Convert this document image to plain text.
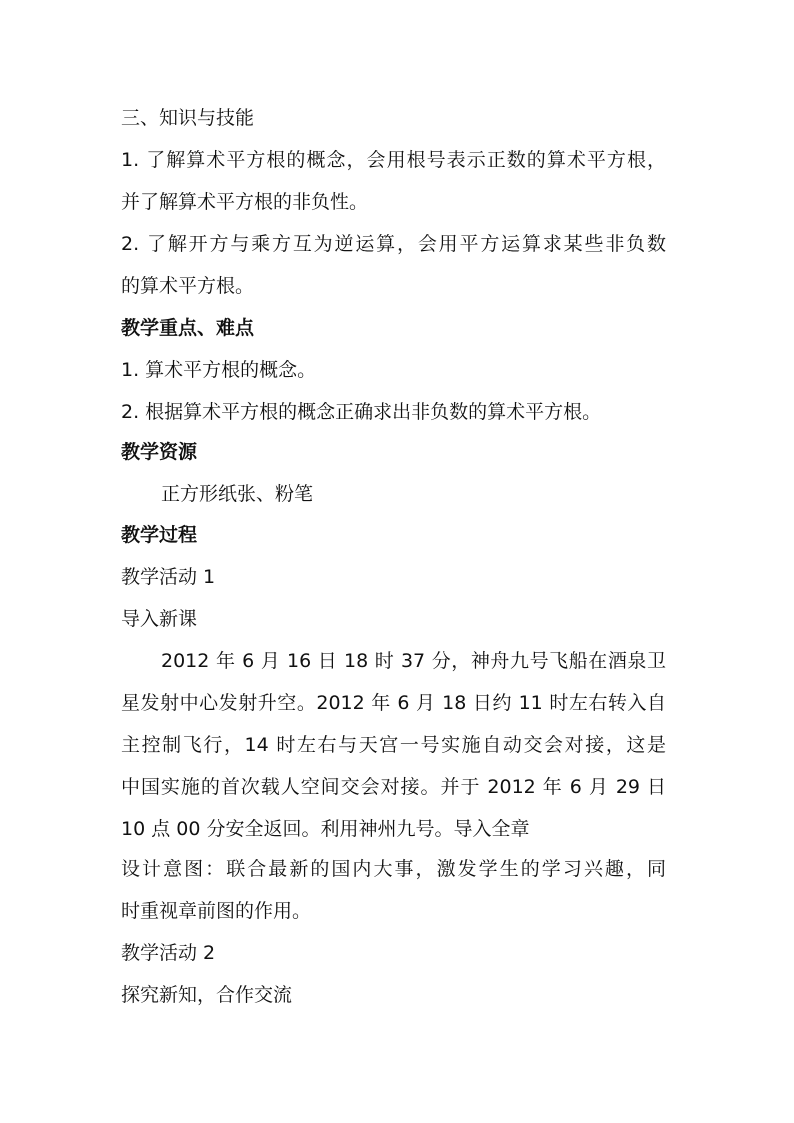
三、知识与技能
1. 了解算术平方根的概念，会用根号表示正数的算术平方根，
并了解算术平方根的非负性。
2. 了解开方与乘方互为逆运算，会用平方运算求某些非负数
的算术平方根。
教学重点、难点
1. 算术平方根的概念。
2. 根据算术平方根的概念正确求出非负数的算术平方根。
教学资源
正方形纸张、粉笔
教学过程
教学活动 1
导入新课
2012 年 6 月 16 日 18 时 37 分，神舟九号飞船在酒泉卫
星发射中心发射升空。2012 年 6 月 18 日约 11 时左右转入自
主控制飞行，14 时左右与天宫一号实施自动交会对接，这是
中国实施的首次载人空间交会对接。并于 2012 年 6 月 29 日
10 点 00 分安全返回。利用神州九号。导入全章
设计意图：联合最新的国内大事，激发学生的学习兴趣，同
时重视章前图的作用。
教学活动 2
探究新知，合作交流
